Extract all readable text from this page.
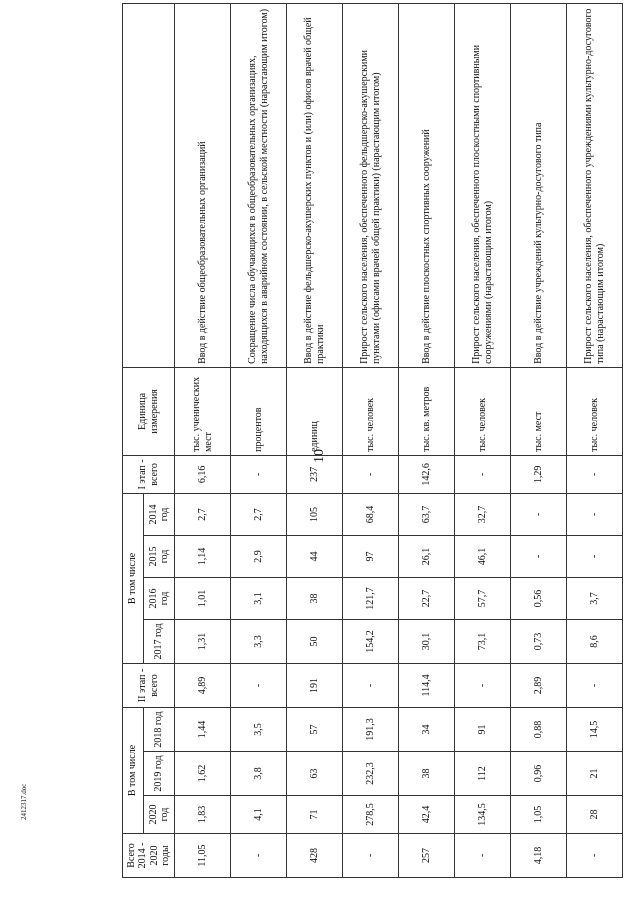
10
Всего 2014 - 2020 годы	В том числе			II этап - всего	В том числе				I этап - всего	Единица измерения	
	2020 год	2019 год	2018 год		2017 год	2016 год	2015 год	2014 год			
11,05	1,83	1,62	1,44	4,89	1,31	1,01	1,14	2,7	6,16	тыс. ученических мест	Ввод в действие общеобразовательных организаций
-	4,1	3,8	3,5	-	3,3	3,1	2,9	2,7	-	процентов	Сокращение числа обучающихся в общеобразовательных организациях, находящихся в аварийном состоянии, в сельской местности (нарастающим итогом)
428	71	63	57	191	50	38	44	105	237	единиц	Ввод в действие фельдшерско-акушерских пунктов и (или) офисов врачей общей практики
-	278,5	232,3	191,3	-	154,2	121,7	97	68,4	-	тыс. человек	Прирост сельского населения, обеспеченного фельдшерско-акушерскими пунктами (офисами врачей общей практики) (нарастающим итогом)
257	42,4	38	34	114,4	30,1	22,7	26,1	63,7	142,6	тыс. кв. метров	Ввод в действие плоскостных спортивных сооружений
-	134,5	112	91	-	73,1	57,7	46,1	32,7	-	тыс. человек	Прирост сельского населения, обеспеченного плоскостными спортивными сооружениями (нарастающим итогом)
4,18	1,05	0,96	0,88	2,89	0,73	0,56	-	-	1,29	тыс. мест	Ввод в действие учреждений культурно-досугового типа
-	28	21	14,5	-	8,6	3,7	-	-	-	тыс. человек	Прирост сельского населения, обеспеченного учреждениями культурно-досугового типа (нарастающим итогом)
2412317.doc
